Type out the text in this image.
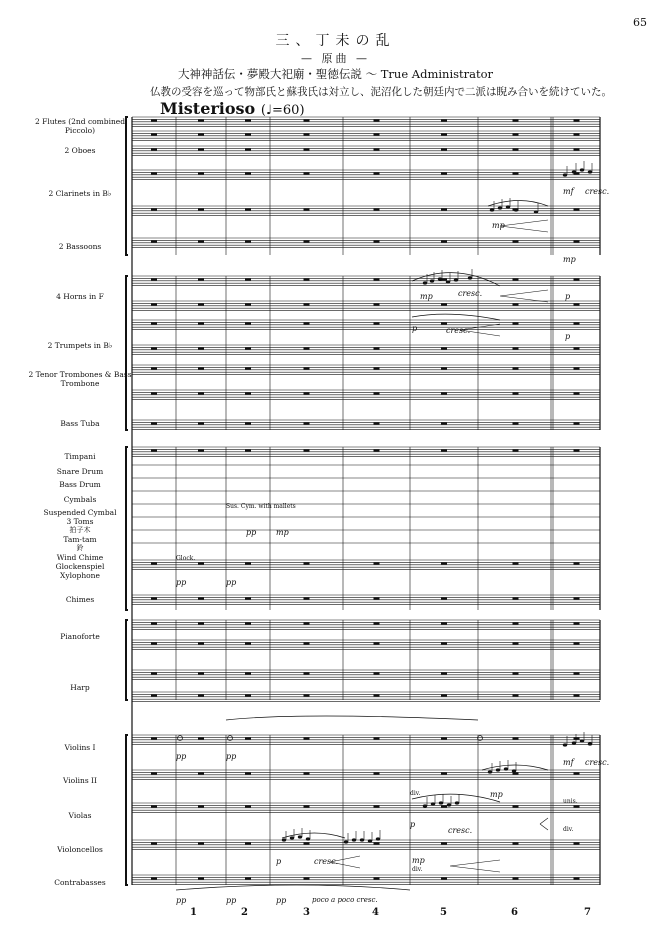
65
三、丁未の乱
— 原曲 —
大神神話伝・夢殿大祀廟・聖徳伝説 ～ True Administrator
仏教の受容を巡って物部氏と蘇我氏は対立し、泥沼化した朝廷内で二派は睨み合いを続けていた。
Misterioso (♩=60)
2 Flutes (2nd combined Piccolo)
2 Oboes
2 Clarinets in B♭
2 Bassoons
4 Horns in F
2 Trumpets in B♭
2 Tenor Trombones & Bass Trombone
Bass Tuba
Timpani
Snare Drum
Bass Drum
Cymbals
Suspended Cymbal
3 Toms
拍子木
Tam-tam
鈴
Wind Chime
Glockenspiel
Xylophone
Chimes
Pianoforte
Harp
Violins I
Violins II
Violas
Violoncellos
Contrabasses
Sus. Cym. with mallets
Glock.
pp	pp
pp mp
pp	pp
p	cresc.
pp	pp	pp	poco a poco cresc.
mp	cresc.
p	cresc.
mp
mf cresc.
mp
p
p
div.
p
cresc.
mp
mf cresc.
unis.
div.
mp
div.
1	2	3	4	5	6	7
